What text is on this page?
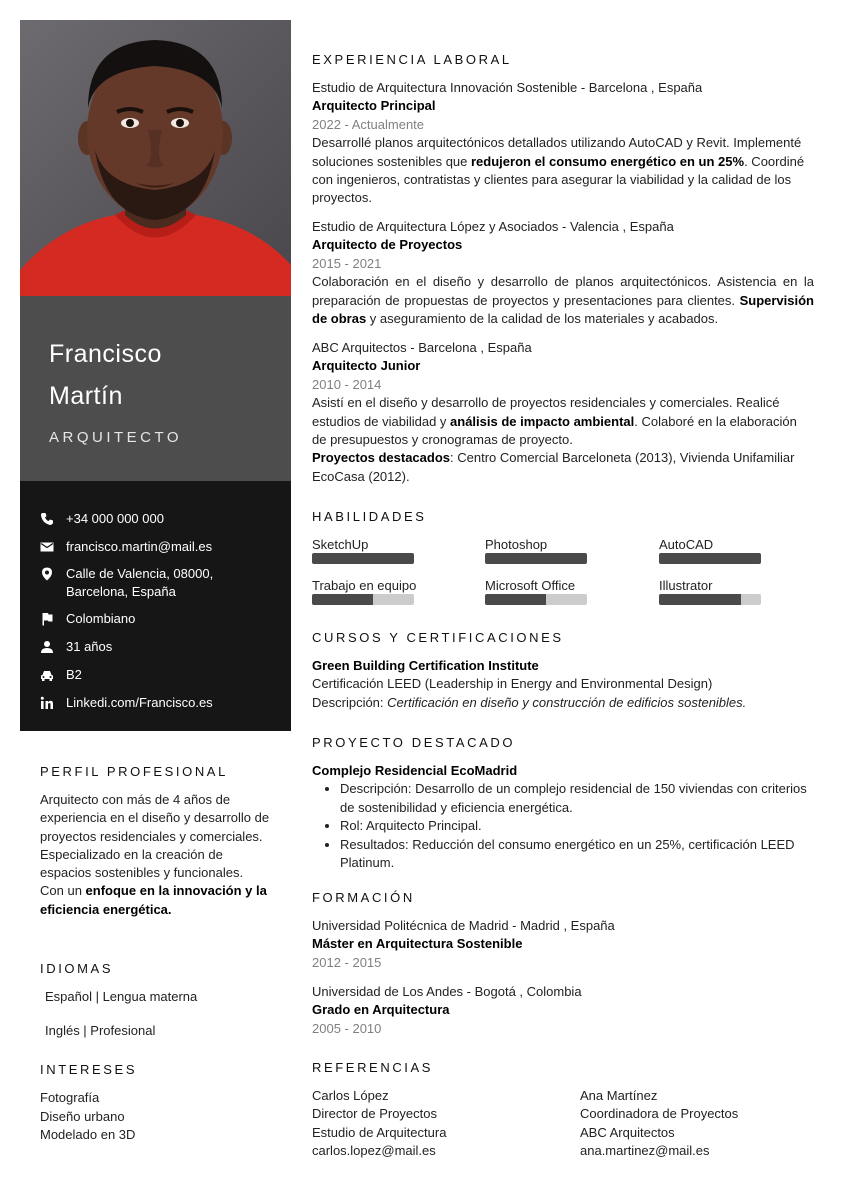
Francisco
Martín
ARQUITECTO
+34 000 000 000
francisco.martin@mail.es
Calle de Valencia, 08000, Barcelona, España
Colombiano
31 años
B2
Linkedi.com/Francisco.es
PERFIL PROFESIONAL
Arquitecto con más de 4 años de experiencia en el diseño y desarrollo de proyectos residenciales y comerciales. Especializado en la creación de espacios sostenibles y funcionales. Con un enfoque en la innovación y la eficiencia energética.
IDIOMAS
Español | Lengua materna
Inglés | Profesional
INTERESES
Fotografía
Diseño urbano
Modelado en 3D
EXPERIENCIA LABORAL
Estudio de Arquitectura Innovación Sostenible - Barcelona , España
Arquitecto Principal
2022 - Actualmente
Desarrollé planos arquitectónicos detallados utilizando AutoCAD y Revit. Implementé soluciones sostenibles que redujeron el consumo energético en un 25%. Coordiné con ingenieros, contratistas y clientes para asegurar la viabilidad y la calidad de los proyectos.
Estudio de Arquitectura López y Asociados - Valencia , España
Arquitecto de Proyectos
2015 - 2021
Colaboración en el diseño y desarrollo de planos arquitectónicos. Asistencia en la preparación de propuestas de proyectos y presentaciones para clientes. Supervisión de obras y aseguramiento de la calidad de los materiales y acabados.
ABC Arquitectos - Barcelona , España
Arquitecto Junior
2010 - 2014
Asistí en el diseño y desarrollo de proyectos residenciales y comerciales. Realicé estudios de viabilidad y análisis de impacto ambiental. Colaboré en la elaboración de presupuestos y cronogramas de proyecto.
Proyectos destacados: Centro Comercial Barceloneta (2013), Vivienda Unifamiliar EcoCasa (2012).
HABILIDADES
SketchUp	Photoshop	AutoCAD
Trabajo en equipo	Microsoft Office	Illustrator
CURSOS Y CERTIFICACIONES
Green Building Certification Institute
Certificación LEED (Leadership in Energy and Environmental Design)
Descripción: Certificación en diseño y construcción de edificios sostenibles.
PROYECTO DESTACADO
Complejo Residencial EcoMadrid
• Descripción: Desarrollo de un complejo residencial de 150 viviendas con criterios de sostenibilidad y eficiencia energética.
• Rol: Arquitecto Principal.
• Resultados: Reducción del consumo energético en un 25%, certificación LEED Platinum.
FORMACIÓN
Universidad Politécnica de Madrid - Madrid , España
Máster en Arquitectura Sostenible
2012 - 2015
Universidad de Los Andes - Bogotá , Colombia
Grado en Arquitectura
2005 - 2010
REFERENCIAS
Carlos López
Director de Proyectos
Estudio de Arquitectura
carlos.lopez@mail.es
Ana Martínez
Coordinadora de Proyectos
ABC Arquitectos
ana.martinez@mail.es
